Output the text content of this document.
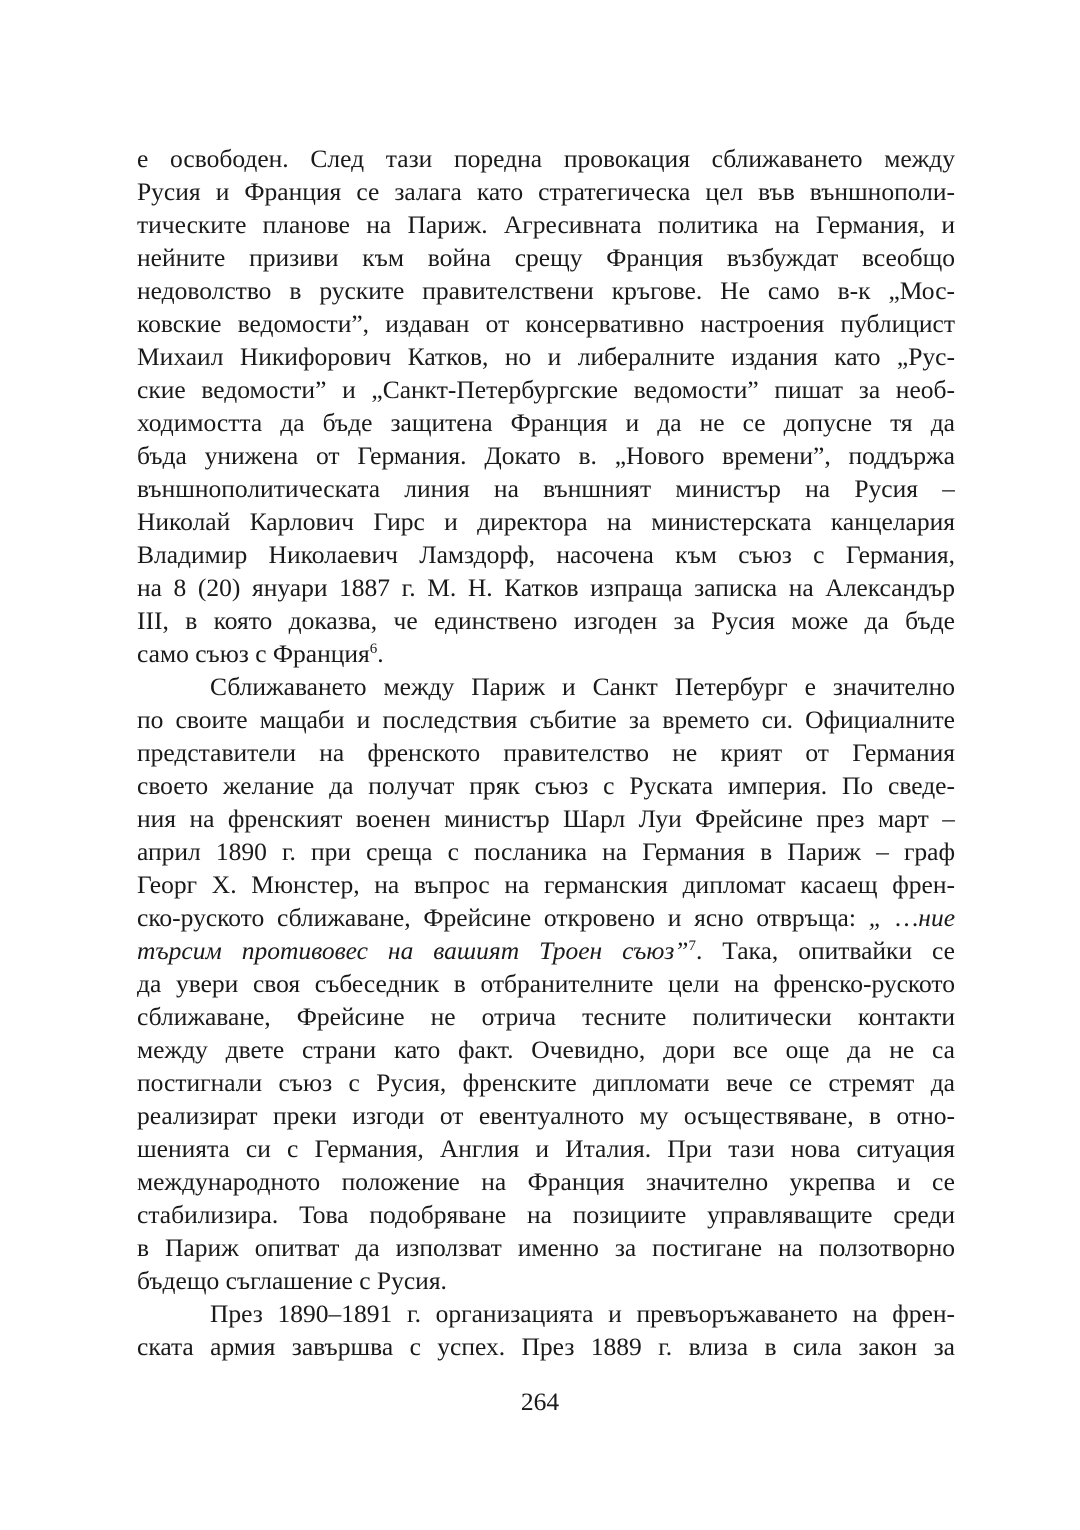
е освободен. След тази поредна провокация сближаването между
Русия и Франция се залага като стратегическа цел във външнополи-
тическите планове на Париж. Агресивната политика на Германия, и
нейните призиви към война срещу Франция възбуждат всеобщо
недоволство в руските правителствени кръгове. Не само в-к „Мос-
ковские ведомости”, издаван от консервативно настроения публицист
Михаил Никифорович Катков, но и либералните издания като „Рус-
ские ведомости” и „Санкт-Петербургские ведомости” пишат за необ-
ходимостта да бъде защитена Франция и да не се допусне тя да
бъда унижена от Германия. Докато в. „Нового времени”, поддържа
външнополитическата линия на външният министър на Русия –
Николай Карлович Гирс и директора на министерската канцелария
Владимир Николаевич Ламздорф, насочена към съюз с Германия,
на 8 (20) януари 1887 г. М. Н. Катков изпраща записка на Александър
III, в която доказва, че единствено изгоден за Русия може да бъде
само съюз с Франция$^6$.
Сближаването между Париж и Санкт Петербург е значително
по своите мащаби и последствия събитие за времето си. Официалните
представители на френското правителство не крият от Германия
своето желание да получат пряк съюз с Руската империя. По сведе-
ния на френският военен министър Шарл Луи Фрейсине през март –
април 1890 г. при среща с посланика на Германия в Париж – граф
Георг Х. Мюнстер, на въпрос на германския дипломат касаещ френ-
ско-руското сближаване, Фрейсине откровено и ясно отвръща: „ …ние
търсим противовес на вашият Троен съюз”$^7$. Така, опитвайки се
да увери своя събеседник в отбранителните цели на френско-руското
сближаване, Фрейсине не отрича тесните политически контакти
между двете страни като факт. Очевидно, дори все още да не са
постигнали съюз с Русия, френските дипломати вече се стремят да
реализират преки изгоди от евентуалното му осъществяване, в отно-
шенията си с Германия, Англия и Италия. При тази нова ситуация
международното положение на Франция значително укрепва и се
стабилизира. Това подобряване на позициите управляващите среди
в Париж опитват да използват именно за постигане на ползотворно
бъдещо съглашение с Русия.
През 1890–1891 г. организацията и превъоръжаването на френ-
ската армия завършва с успех. През 1889 г. влиза в сила закон за
264
